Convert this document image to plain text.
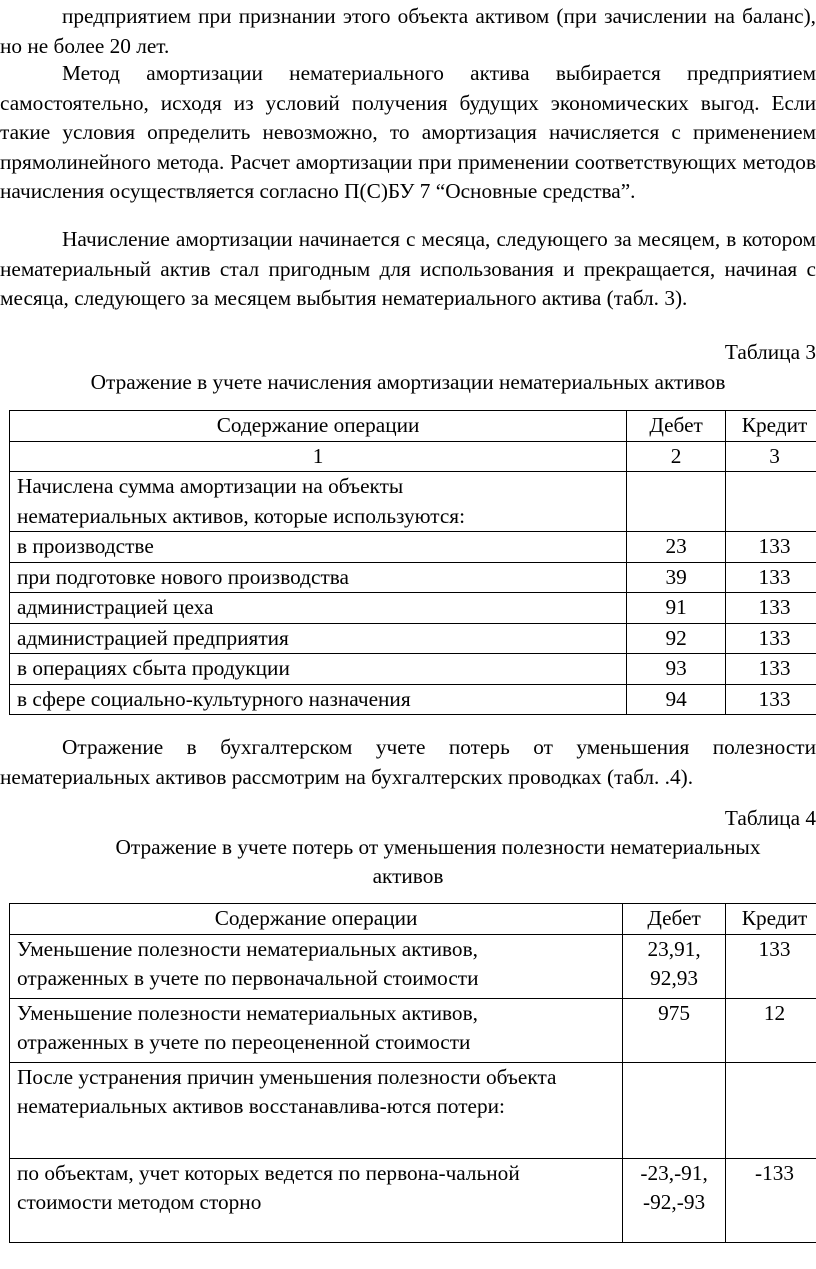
предприятием при признании этого объекта активом (при зачислении на баланс), но не более 20 лет.

Метод амортизации нематериального актива выбирается предприятием самостоятельно, исходя из условий получения будущих экономических выгод. Если такие условия определить невозможно, то амортизация начисляется с применением прямолинейного метода. Расчет амортизации при применении соответствующих методов начисления осуществляется согласно П(С)БУ 7 “Основные средства”.

Начисление амортизации начинается с месяца, следующего за месяцем, в котором нематериальный актив стал пригодным для использования и прекращается, начиная с месяца, следующего за месяцем выбытия нематериального актива (табл. 3).

Таблица 3
Отражение в учете начисления амортизации нематериальных активов
Содержание операции	Дебет	Кредит
1	2	3
Начислена сумма амортизации на объекты нематериальных активов, которые используются:		
в производстве	23	133
при подготовке нового производства	39	133
администрацией цеха	91	133
администрацией предприятия	92	133
в операциях сбыта продукции	93	133
в сфере социально-культурного назначения	94	133

Отражение в бухгалтерском учете потерь от уменьшения полезности нематериальных активов рассмотрим на бухгалтерских проводках (табл. .4).

Таблица 4
Отражение в учете потерь от уменьшения полезности нематериальных
активов
Содержание операции	Дебет	Кредит
Уменьшение полезности нематериальных активов, отраженных в учете по первоначальной стоимости	23,91,
92,93	133
Уменьшение полезности нематериальных активов, отраженных в учете по переоцененной стоимости	975	12
После устранения причин уменьшения полезности объекта нематериальных активов восстанавлива-ются потери:		
по объектам, учет которых ведется по первона-чальной стоимости методом сторно	-23,-91,
-92,-93	-133
